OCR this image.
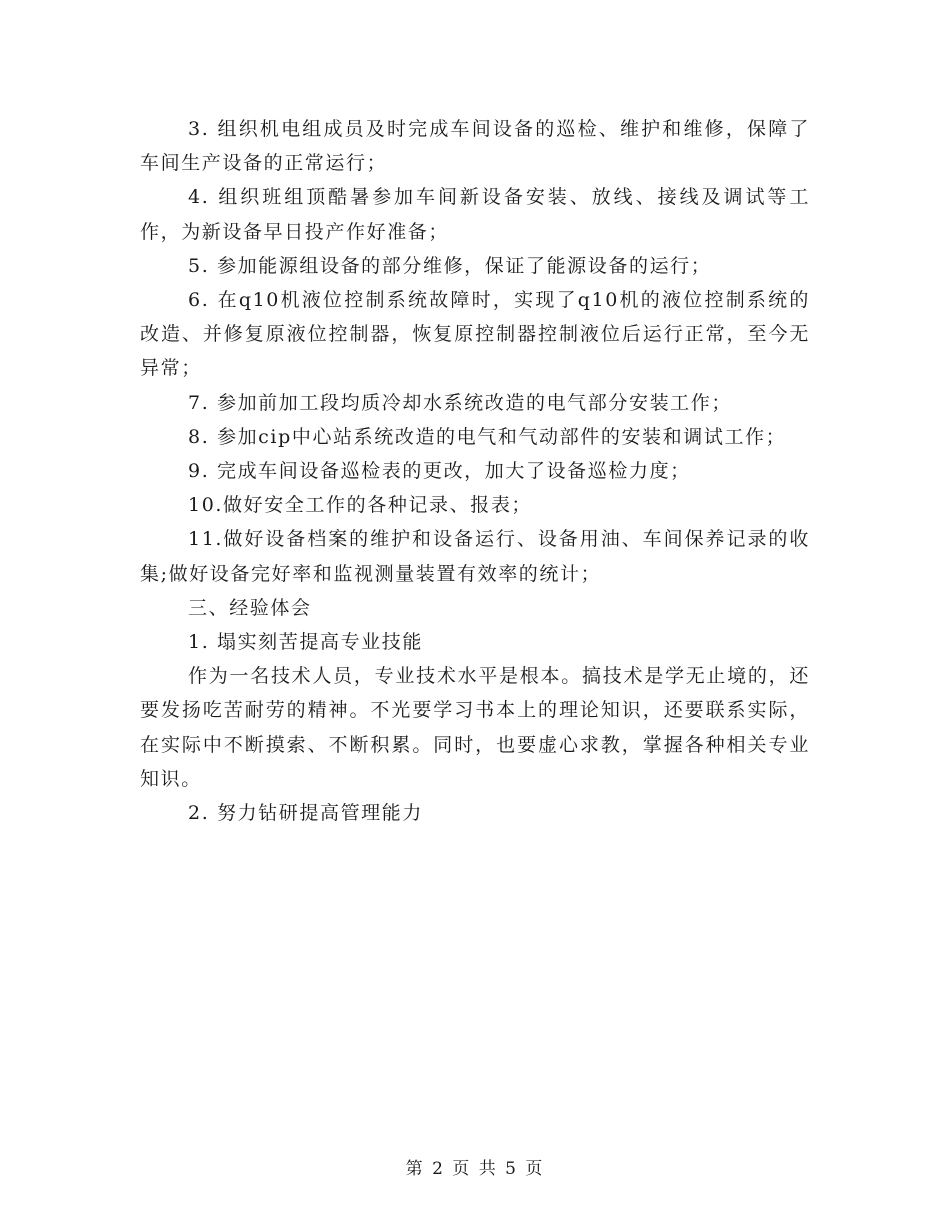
3. 组织机电组成员及时完成车间设备的巡检、维护和维修，保障了车间生产设备的正常运行；

4. 组织班组顶酷暑参加车间新设备安装、放线、接线及调试等工作，为新设备早日投产作好准备；

5. 参加能源组设备的部分维修，保证了能源设备的运行；

6. 在q10机液位控制系统故障时，实现了q10机的液位控制系统的改造、并修复原液位控制器，恢复原控制器控制液位后运行正常，至今无异常；

7. 参加前加工段均质冷却水系统改造的电气部分安装工作；

8. 参加cip中心站系统改造的电气和气动部件的安装和调试工作；

9. 完成车间设备巡检表的更改，加大了设备巡检力度；

10.做好安全工作的各种记录、报表；

11.做好设备档案的维护和设备运行、设备用油、车间保养记录的收集;做好设备完好率和监视测量装置有效率的统计；

三、经验体会

1. 塌实刻苦提高专业技能

作为一名技术人员，专业技术水平是根本。搞技术是学无止境的，还要发扬吃苦耐劳的精神。不光要学习书本上的理论知识，还要联系实际，在实际中不断摸索、不断积累。同时，也要虚心求教，掌握各种相关专业知识。

2. 努力钻研提高管理能力

第 2 页 共 5 页
